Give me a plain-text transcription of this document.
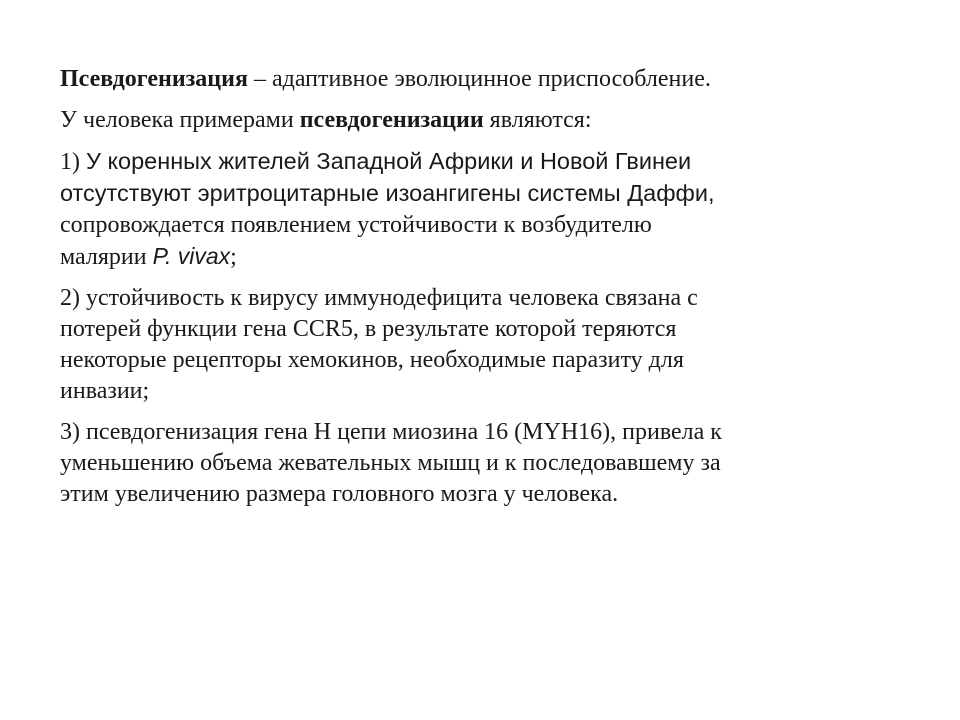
Псевдогенизация – адаптивное эволюцинное приспособление.

У человека примерами псевдогенизации являются:

1) У коренных жителей Западной Африки и Новой Гвинеи
отсутствуют эритроцитарные изоангигены системы Даффи,
сопровождается появлением устойчивости к возбудителю
малярии P. vivax;

2) устойчивость к вирусу иммунодефицита человека связана с
потерей функции гена CCR5, в результате которой теряются
некоторые рецепторы хемокинов, необходимые паразиту для
инвазии;

3) псевдогенизация гена Н цепи миозина 16 (MYH16), привела к
уменьшению объема жевательных мышц и к последовавшему за
этим увеличению размера головного мозга у человека.
